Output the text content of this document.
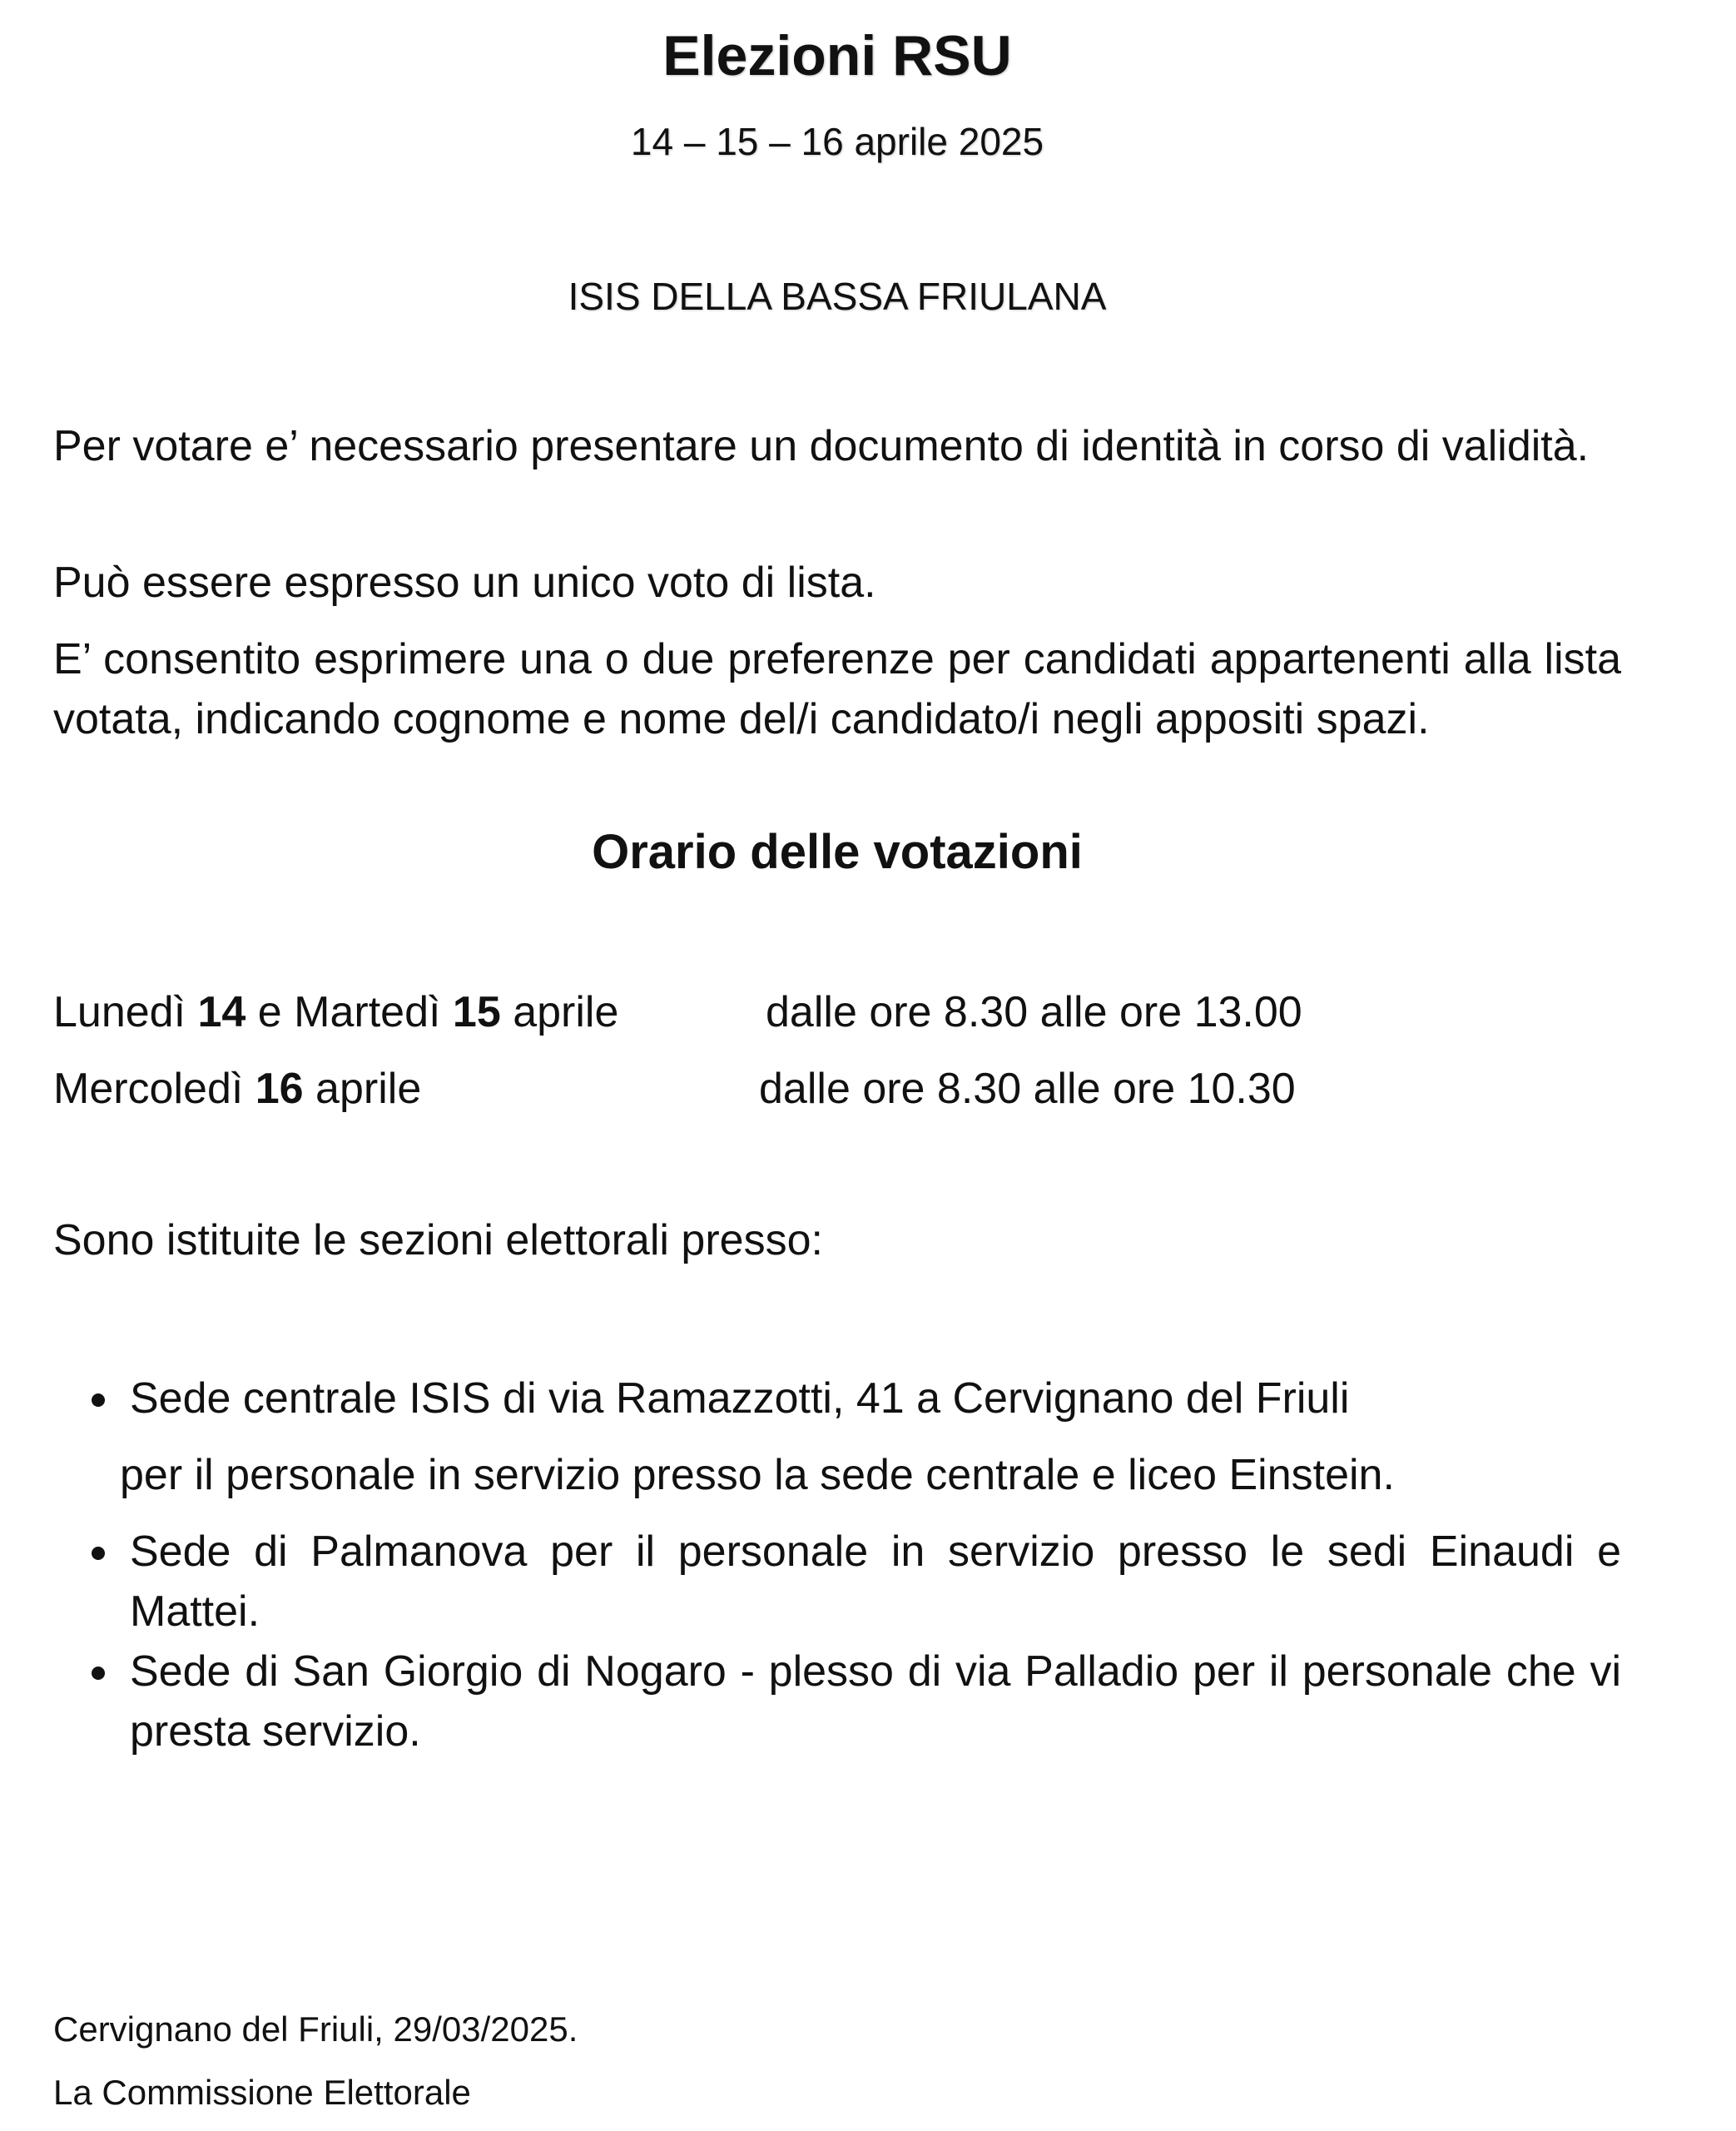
Elezioni RSU
14 – 15 – 16 aprile 2025
ISIS DELLA BASSA FRIULANA
Per votare e’ necessario presentare un documento di identità in corso di validità.
Può essere espresso un unico voto di lista.
E’ consentito esprimere una o due preferenze per candidati appartenenti alla lista votata, indicando cognome e nome del/i candidato/i negli appositi spazi.
Orario delle votazioni
Lunedì 14 e Martedì 15 aprile	dalle ore 8.30 alle ore 13.00
Mercoledì 16 aprile	dalle ore 8.30 alle ore 10.30
Sono istituite le sezioni elettorali presso:
Sede centrale ISIS di via Ramazzotti, 41 a Cervignano del Friuli
per il personale in servizio presso la sede centrale e liceo Einstein.
Sede di Palmanova per il personale in servizio presso le sedi Einaudi e Mattei.
Sede di San Giorgio di Nogaro - plesso di via Palladio per il personale che vi presta servizio.
Cervignano del Friuli, 29/03/2025.
La Commissione Elettorale
